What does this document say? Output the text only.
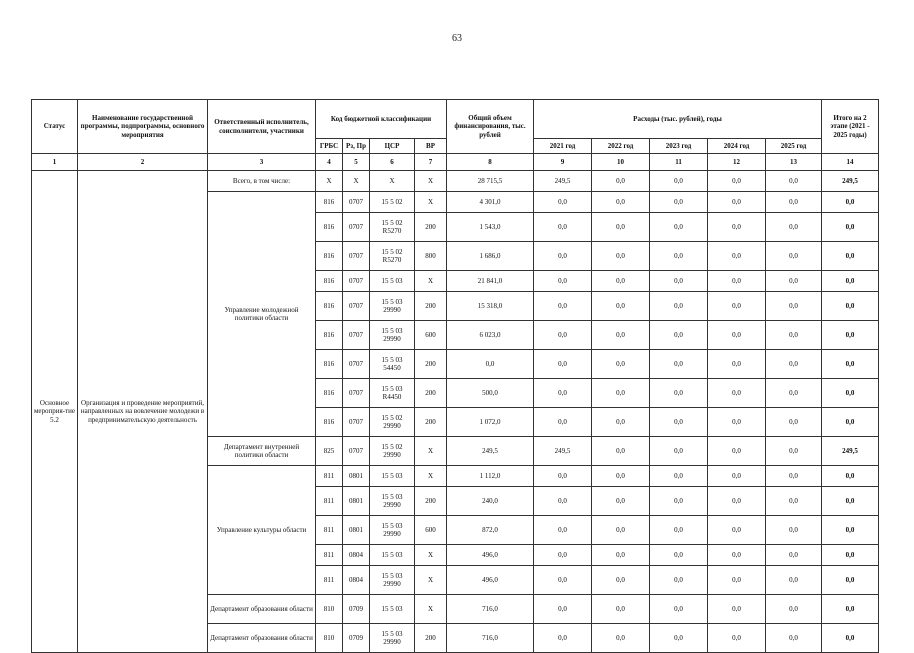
63
Статус	Наименование государственной программы, подпрограммы, основного мероприятия	Ответственный исполнитель, соисполнители, участники	Код бюджетной классификации				Общий объем финансирования, тыс. рублей	Расходы (тыс. рублей), годы					Итого на 2 этапе (2021 - 2025 годы)
			ГРБС	Рз, Пр	ЦСР	ВР		2021 год	2022 год	2023 год	2024 год	2025 год	
1	2	3	4	5	6	7	8	9	10	11	12	13	14
Основное мероприя-тие 5.2	Организация и проведение мероприятий, направленных на вовлечение молодежи в предпринимательскую деятельность	Всего, в том числе:	X	X	X	X	28 715,5	249,5	0,0	0,0	0,0	0,0	249,5
		Управление молодежной политики области	816	0707	15 5 02	X	4 301,0	0,0	0,0	0,0	0,0	0,0	0,0
			816	0707	15 5 02 R5270	200	1 543,0	0,0	0,0	0,0	0,0	0,0	0,0
			816	0707	15 5 02 R5270	800	1 686,0	0,0	0,0	0,0	0,0	0,0	0,0
			816	0707	15 5 03	X	21 841,0	0,0	0,0	0,0	0,0	0,0	0,0
			816	0707	15 5 03 29990	200	15 318,0	0,0	0,0	0,0	0,0	0,0	0,0
			816	0707	15 5 03 29990	600	6 023,0	0,0	0,0	0,0	0,0	0,0	0,0
			816	0707	15 5 03 54450	200	0,0	0,0	0,0	0,0	0,0	0,0	0,0
			816	0707	15 5 03 R4450	200	500,0	0,0	0,0	0,0	0,0	0,0	0,0
			816	0707	15 5 02 29990	200	1 072,0	0,0	0,0	0,0	0,0	0,0	0,0
		Департамент внутренней политики области	825	0707	15 5 02 29990	X	249,5	249,5	0,0	0,0	0,0	0,0	249,5
		Управление культуры области	811	0801	15 5 03	X	1 112,0	0,0	0,0	0,0	0,0	0,0	0,0
			811	0801	15 5 03 29990	200	240,0	0,0	0,0	0,0	0,0	0,0	0,0
			811	0801	15 5 03 29990	600	872,0	0,0	0,0	0,0	0,0	0,0	0,0
			811	0804	15 5 03	X	496,0	0,0	0,0	0,0	0,0	0,0	0,0
			811	0804	15 5 03 29990	X	496,0	0,0	0,0	0,0	0,0	0,0	0,0
		Департамент образования области	810	0709	15 5 03	X	716,0	0,0	0,0	0,0	0,0	0,0	0,0
		Департамент образования области	810	0709	15 5 03 29990	200	716,0	0,0	0,0	0,0	0,0	0,0	0,0
